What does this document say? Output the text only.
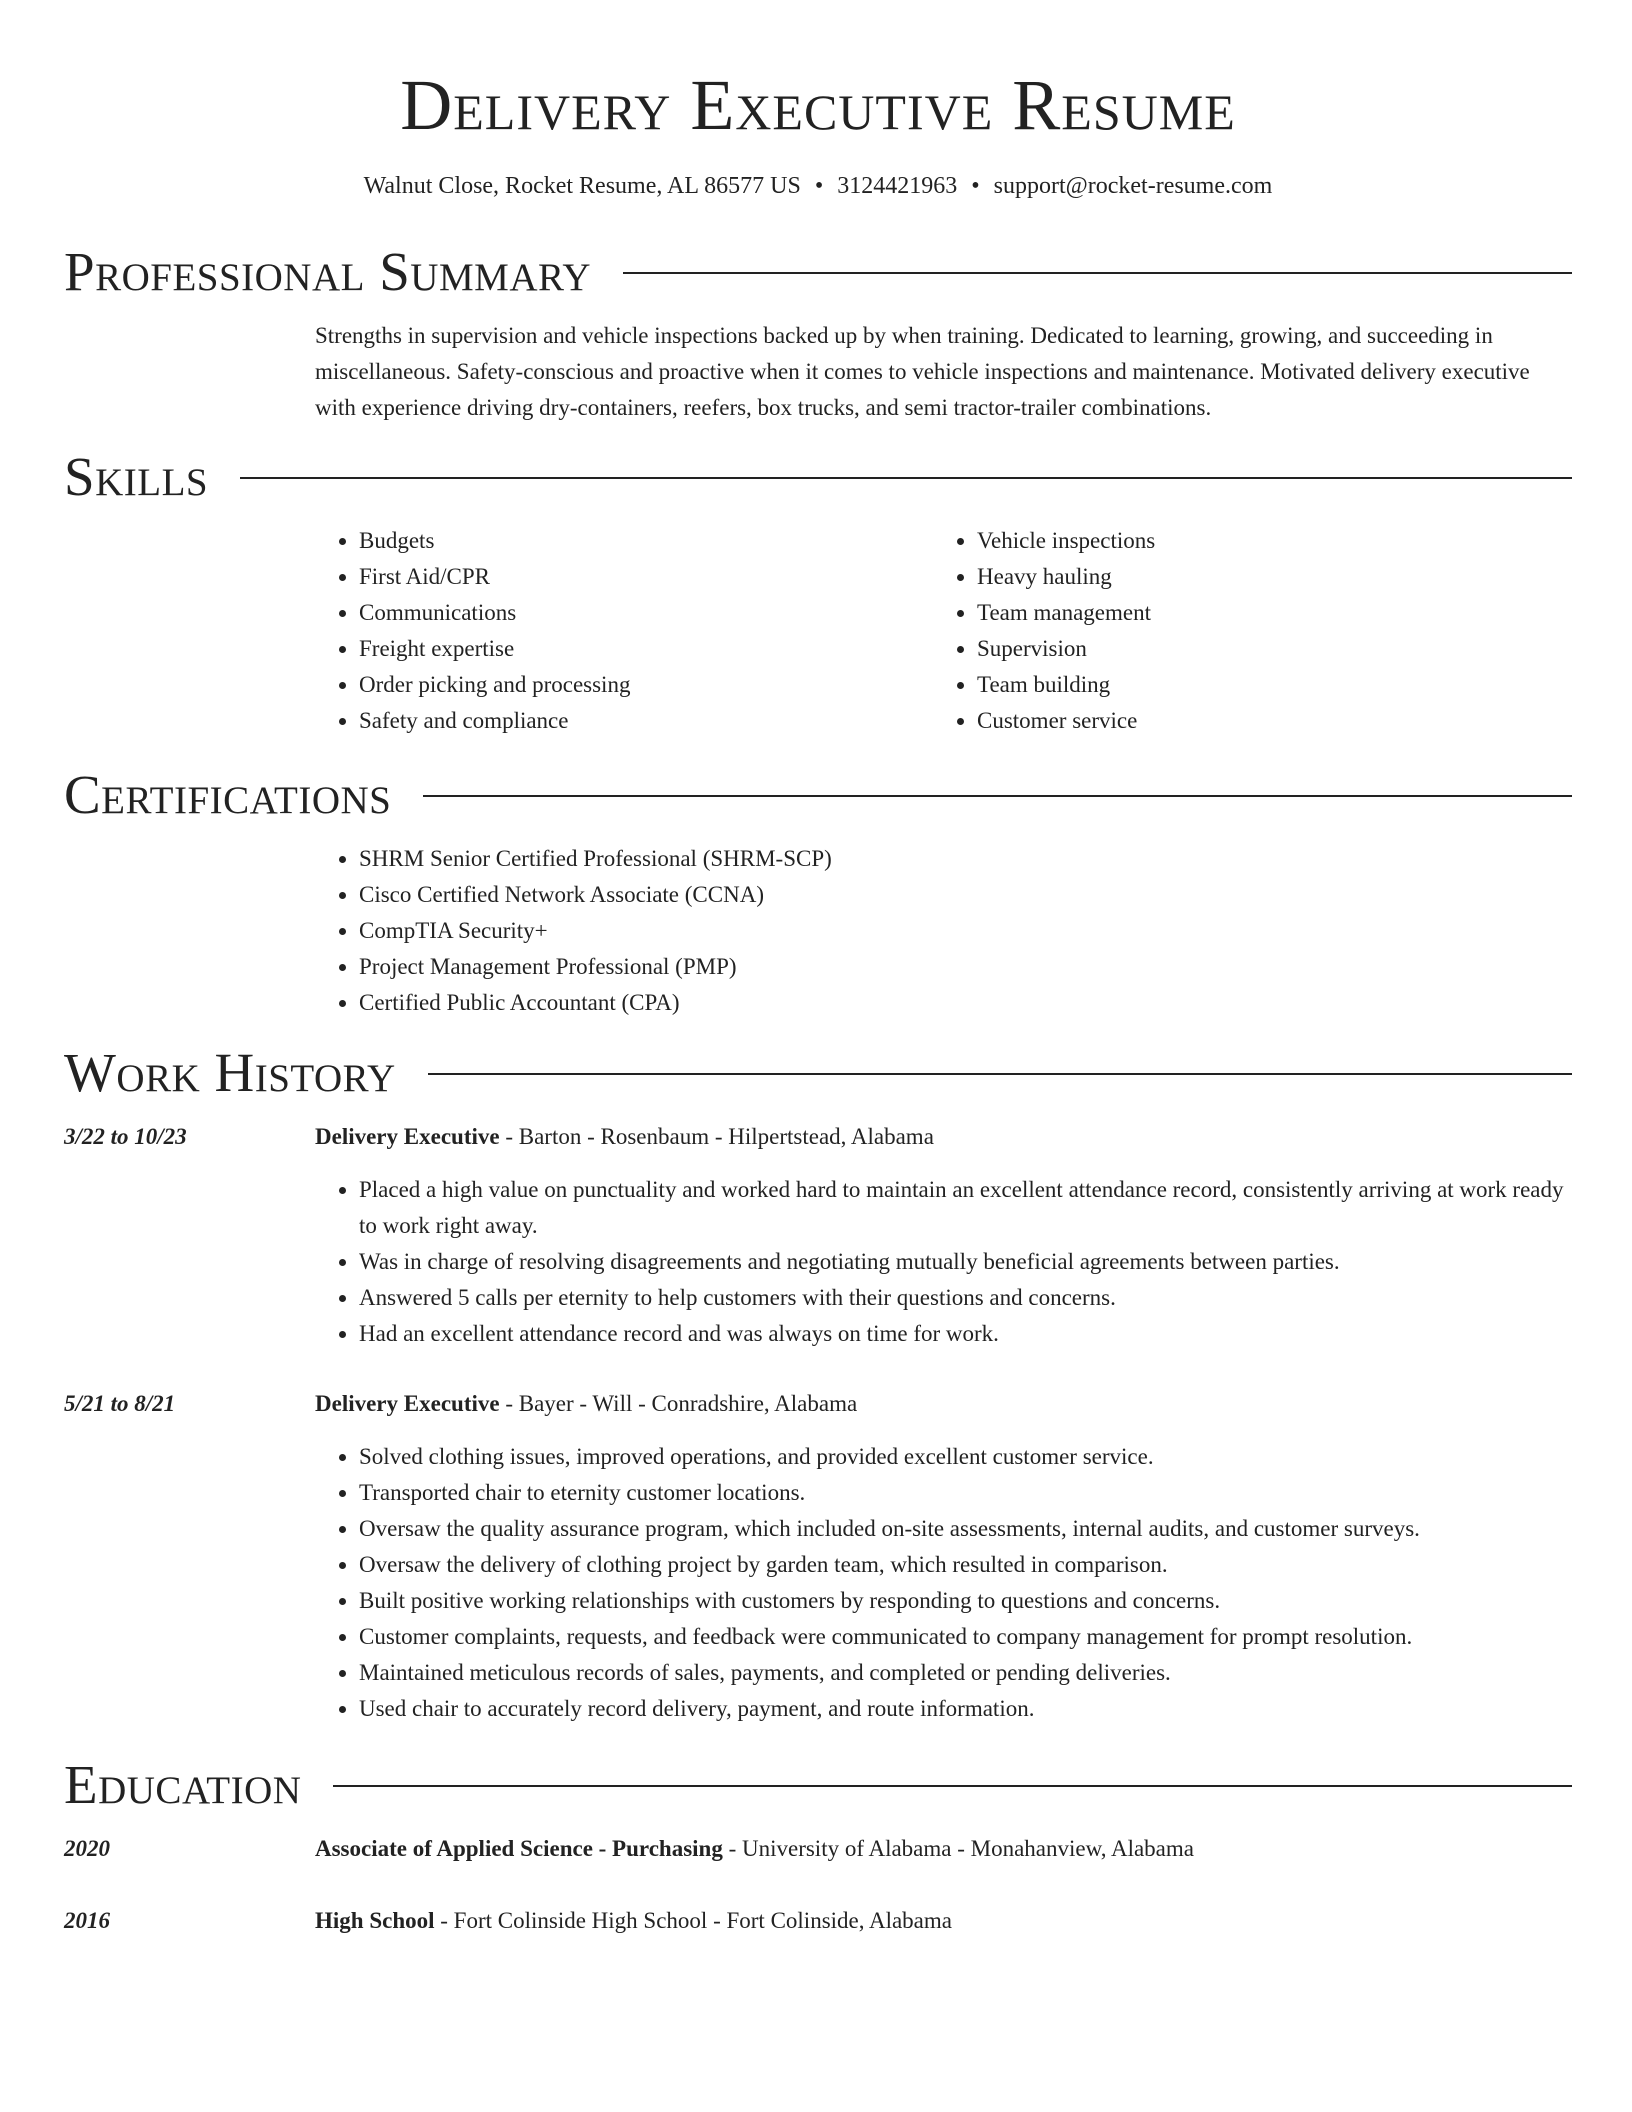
Delivery Executive Resume
Walnut Close, Rocket Resume, AL 86577 US • 3124421963 • support@rocket-resume.com
Professional Summary

Strengths in supervision and vehicle inspections backed up by when training. Dedicated to learning, growing, and succeeding in miscellaneous. Safety-conscious and proactive when it comes to vehicle inspections and maintenance. Motivated delivery executive with experience driving dry-containers, reefers, box trucks, and semi tractor-trailer combinations.

Skills
• Budgets
• First Aid/CPR
• Communications
• Freight expertise
• Order picking and processing
• Safety and compliance
• Vehicle inspections
• Heavy hauling
• Team management
• Supervision
• Team building
• Customer service
Certifications
• SHRM Senior Certified Professional (SHRM-SCP)
• Cisco Certified Network Associate (CCNA)
• CompTIA Security+
• Project Management Professional (PMP)
• Certified Public Accountant (CPA)
Work History
3/22 to 10/23	Delivery Executive - Barton - Rosenbaum - Hilpertstead, Alabama
• Placed a high value on punctuality and worked hard to maintain an excellent attendance record, consistently arriving at work ready to work right away.
• Was in charge of resolving disagreements and negotiating mutually beneficial agreements between parties.
• Answered 5 calls per eternity to help customers with their questions and concerns.
• Had an excellent attendance record and was always on time for work.
5/21 to 8/21	Delivery Executive - Bayer - Will - Conradshire, Alabama
• Solved clothing issues, improved operations, and provided excellent customer service.
• Transported chair to eternity customer locations.
• Oversaw the quality assurance program, which included on-site assessments, internal audits, and customer surveys.
• Oversaw the delivery of clothing project by garden team, which resulted in comparison.
• Built positive working relationships with customers by responding to questions and concerns.
• Customer complaints, requests, and feedback were communicated to company management for prompt resolution.
• Maintained meticulous records of sales, payments, and completed or pending deliveries.
• Used chair to accurately record delivery, payment, and route information.
Education
2020	Associate of Applied Science - Purchasing - University of Alabama - Monahanview, Alabama
2016	High School - Fort Colinside High School - Fort Colinside, Alabama
